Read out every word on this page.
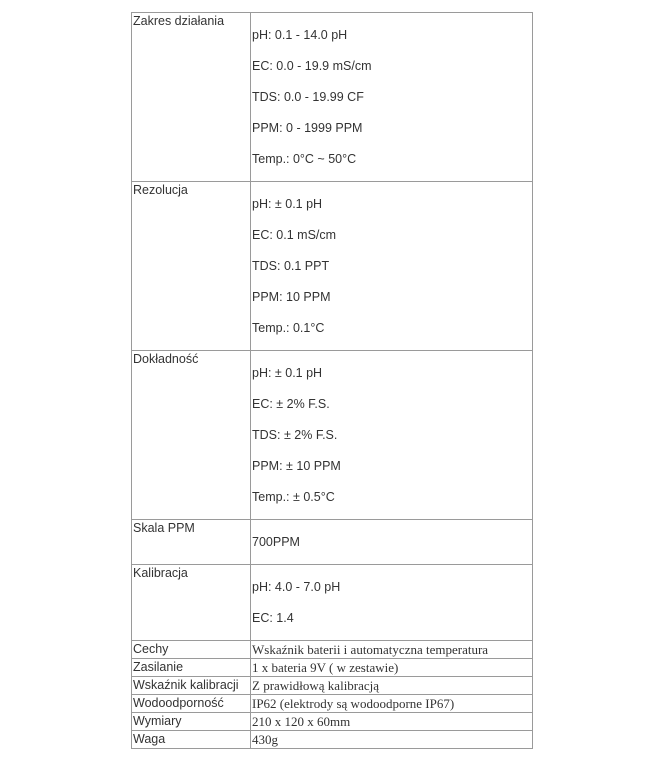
Zakres działania	pH: 0.1 - 14.0 pH
EC: 0.0 - 19.9 mS/cm
TDS: 0.0 - 19.99 CF
PPM: 0 - 1999 PPM
Temp.: 0°C ~ 50°C

Rezolucja	pH: ± 0.1 pH
EC: 0.1 mS/cm
TDS: 0.1 PPT
PPM: 10 PPM
Temp.: 0.1°C

Dokładność	pH: ± 0.1 pH
EC: ± 2% F.S.
TDS: ± 2% F.S.
PPM: ± 10 PPM
Temp.: ± 0.5°C

Skala PPM	700PPM

Kalibracja	pH: 4.0 - 7.0 pH
EC: 1.4

Cechy	Wskaźnik baterii i automatyczna temperatura
Zasilanie	1 x bateria 9V ( w zestawie)
Wskaźnik kalibracji	Z prawidłową kalibracją
Wodoodporność	IP62 (elektrody są wodoodporne IP67)
Wymiary	210 x 120 x 60mm
Waga	430g
